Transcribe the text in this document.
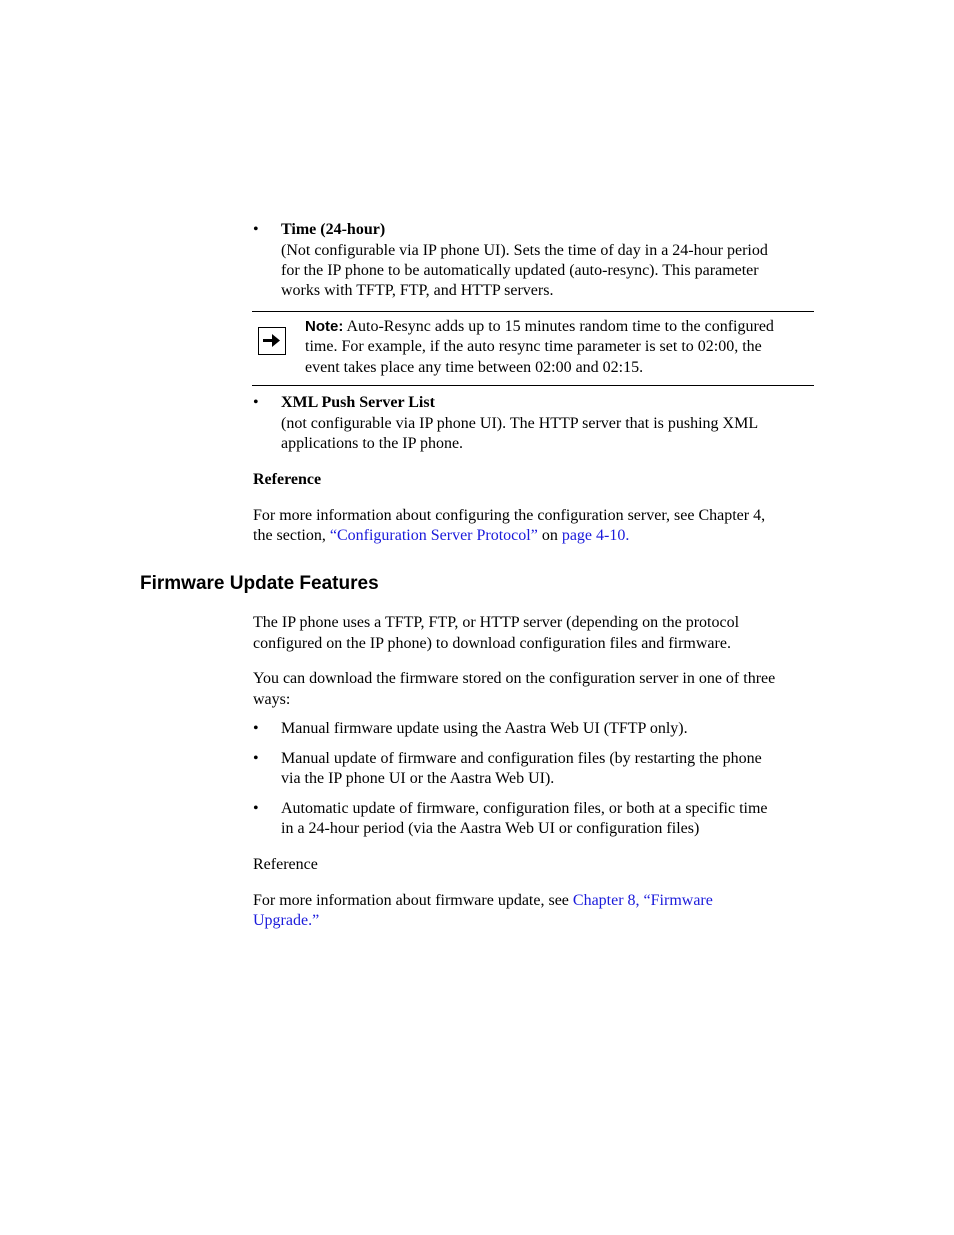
• Time (24-hour)
(Not configurable via IP phone UI). Sets the time of day in a 24-hour period
for the IP phone to be automatically updated (auto-resync). This parameter
works with TFTP, FTP, and HTTP servers.
Note: Auto-Resync adds up to 15 minutes random time to the configured
time. For example, if the auto resync time parameter is set to 02:00, the
event takes place any time between 02:00 and 02:15.
• XML Push Server List
(not configurable via IP phone UI). The HTTP server that is pushing XML
applications to the IP phone.
Reference
For more information about configuring the configuration server, see Chapter 4,
the section, “Configuration Server Protocol” on page 4-10.
Firmware Update Features
The IP phone uses a TFTP, FTP, or HTTP server (depending on the protocol
configured on the IP phone) to download configuration files and firmware.
You can download the firmware stored on the configuration server in one of three
ways:
• Manual firmware update using the Aastra Web UI (TFTP only).
• Manual update of firmware and configuration files (by restarting the phone
via the IP phone UI or the Aastra Web UI).
• Automatic update of firmware, configuration files, or both at a specific time
in a 24-hour period (via the Aastra Web UI or configuration files)
Reference
For more information about firmware update, see Chapter 8, “Firmware
Upgrade.”
